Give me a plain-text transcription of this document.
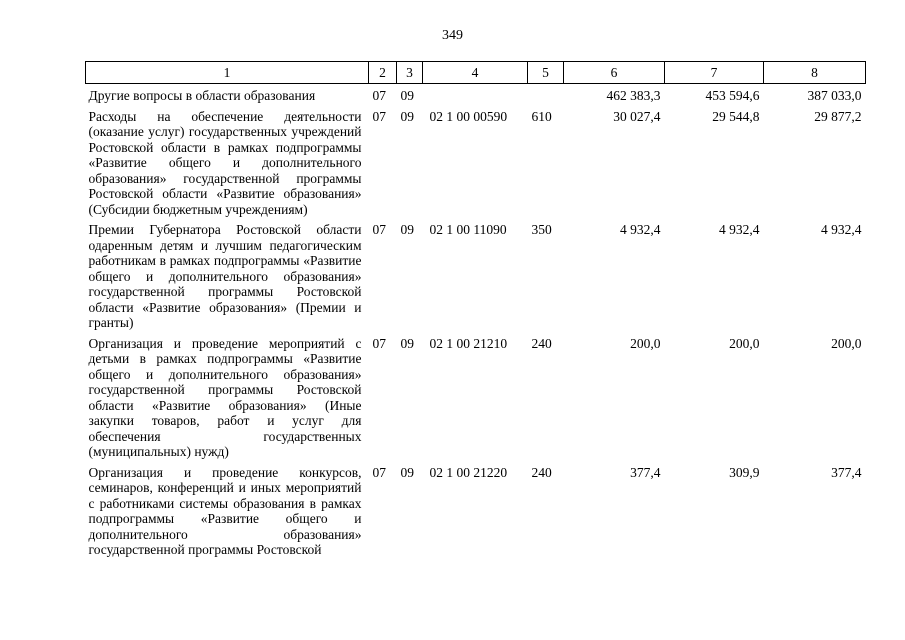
349
1	2	3	4	5	6	7	8
Другие вопросы в области образования	07	09			462 383,3	453 594,6	387 033,0
Расходы на обеспечение деятельности (оказание услуг) государственных учреждений Ростовской области в рамках подпрограммы «Развитие общего и дополнительного образования» государственной программы Ростовской области «Развитие образования» (Субсидии бюджетным учреждениям)	07	09	02 1 00 00590	610	30 027,4	29 544,8	29 877,2
Премии Губернатора Ростовской области одаренным детям и лучшим педагогическим работникам в рамках подпрограммы «Развитие общего и дополнительного образования» государственной программы Ростовской области «Развитие образования» (Премии и гранты)	07	09	02 1 00 11090	350	4 932,4	4 932,4	4 932,4
Организация и проведение мероприятий с детьми в рамках подпрограммы «Развитие общего и дополнительного образования» государственной программы Ростовской области «Развитие образования» (Иные закупки товаров, работ и услуг для обеспечения государственных (муниципальных) нужд)	07	09	02 1 00 21210	240	200,0	200,0	200,0
Организация и проведение конкурсов, семинаров, конференций и иных мероприятий с работниками системы образования в рамках подпрограммы «Развитие общего и дополнительного образования» государственной программы Ростовской	07	09	02 1 00 21220	240	377,4	309,9	377,4
